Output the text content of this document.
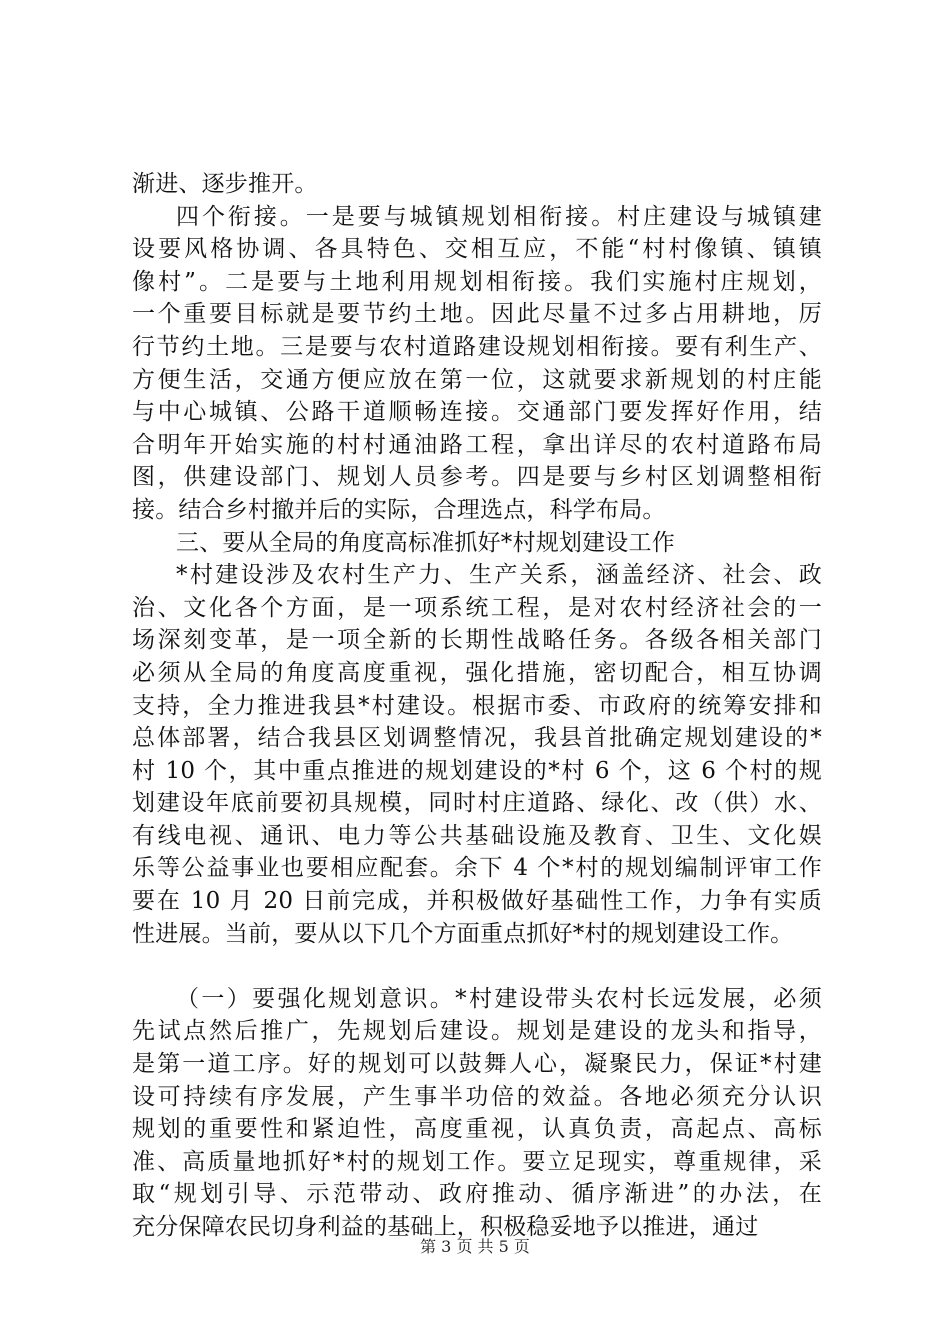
渐进、逐步推开。
四个衔接。一是要与城镇规划相衔接。村庄建设与城镇建
设要风格协调、各具特色、交相互应，不能“村村像镇、镇镇
像村”。二是要与土地利用规划相衔接。我们实施村庄规划，
一个重要目标就是要节约土地。因此尽量不过多占用耕地，厉
行节约土地。三是要与农村道路建设规划相衔接。要有利生产、
方便生活，交通方便应放在第一位，这就要求新规划的村庄能
与中心城镇、公路干道顺畅连接。交通部门要发挥好作用，结
合明年开始实施的村村通油路工程，拿出详尽的农村道路布局
图，供建设部门、规划人员参考。四是要与乡村区划调整相衔
接。结合乡村撤并后的实际，合理选点，科学布局。
三、要从全局的角度高标准抓好*村规划建设工作
*村建设涉及农村生产力、生产关系，涵盖经济、社会、政
治、文化各个方面，是一项系统工程，是对农村经济社会的一
场深刻变革，是一项全新的长期性战略任务。各级各相关部门
必须从全局的角度高度重视，强化措施，密切配合，相互协调
支持，全力推进我县*村建设。根据市委、市政府的统筹安排和
总体部署，结合我县区划调整情况，我县首批确定规划建设的*
村 10 个，其中重点推进的规划建设的*村 6 个，这 6 个村的规
划建设年底前要初具规模，同时村庄道路、绿化、改（供）水、
有线电视、通讯、电力等公共基础设施及教育、卫生、文化娱
乐等公益事业也要相应配套。余下 4 个*村的规划编制评审工作
要在 10 月 20 日前完成，并积极做好基础性工作，力争有实质
性进展。当前，要从以下几个方面重点抓好*村的规划建设工作。
（一）要强化规划意识。*村建设带头农村长远发展，必须
先试点然后推广，先规划后建设。规划是建设的龙头和指导，
是第一道工序。好的规划可以鼓舞人心，凝聚民力，保证*村建
设可持续有序发展，产生事半功倍的效益。各地必须充分认识
规划的重要性和紧迫性，高度重视，认真负责，高起点、高标
准、高质量地抓好*村的规划工作。要立足现实，尊重规律，采
取“规划引导、示范带动、政府推动、循序渐进”的办法，在
充分保障农民切身利益的基础上，积极稳妥地予以推进，通过
第 3 页 共 5 页
